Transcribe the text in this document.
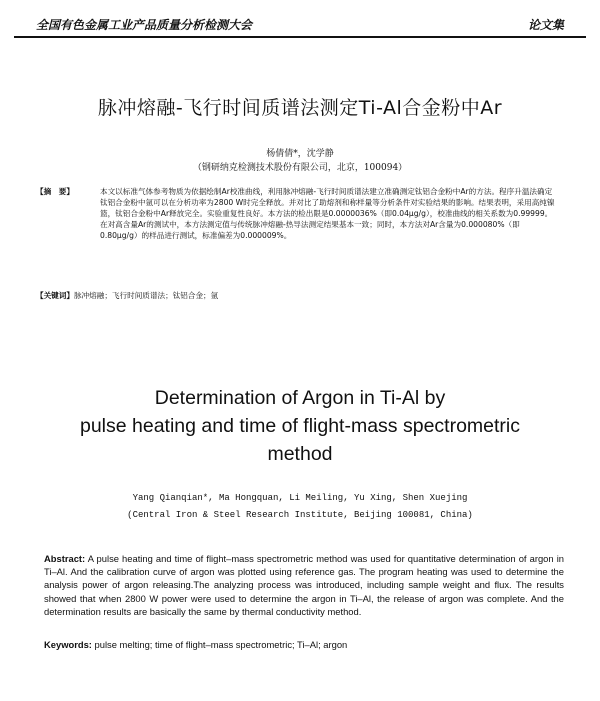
全国有色金属工业产品质量分析检测大会	论文集
脉冲熔融-飞行时间质谱法测定Ti-Al合金粉中Ar
杨倩倩*，沈学静
（钢研纳克检测技术股份有限公司，北京，100094）
【摘　要】	本文以标准气体参考物质为依据绘制Ar校准曲线，利用脉冲熔融-飞行时间质谱法建立准确测定钛铝合金粉中Ar的方法。程序升温法确定钛铝合金粉中氩可以在分析功率为2800 W时完全释放。并对比了助熔剂和称样量等分析条件对实验结果的影响。结果表明，采用高纯镍篮，钛铝合金粉中Ar释放完全。实验重复性良好。本方法的检出限是0.0000036%（即0.04μg/g），校准曲线的相关系数为0.99999。在对高含量Ar的测试中，本方法测定值与传统脉冲熔融-热导法测定结果基本一致；同时，本方法对Ar含量为0.000080%（即0.80μg/g）的样品进行测试，标准偏差为0.000009%。
【关键词】脉冲熔融；飞行时间质谱法；钛铝合金；氩
Determination of Argon in Ti-Al by
pulse heating and time of flight-mass spectrometric
method
Yang Qianqian*, Ma Hongquan, Li Meiling, Yu Xing, Shen Xuejing
(Central Iron & Steel Research Institute, Beijing 100081, China)
Abstract: A pulse heating and time of flight–mass spectrometric method was used for quantitative determination of argon in Ti–Al. And the calibration curve of argon was plotted using reference gas. The program heating was used to determine the analysis power of argon releasing.The analyzing process was introduced, including sample weight and flux. The results showed that when 2800 W power were used to determine the argon in Ti–Al, the release of argon was complete. And the determination results are basically the same by thermal conductivity method.
Keywords: pulse melting; time of flight–mass spectrometric; Ti–Al; argon
